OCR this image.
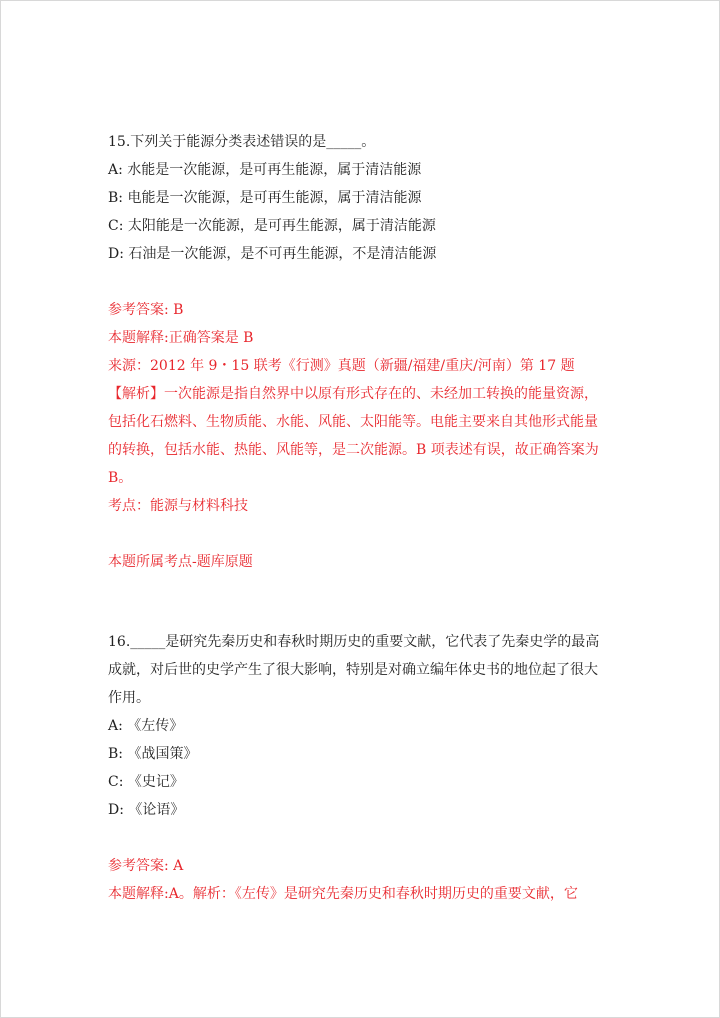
15.下列关于能源分类表述错误的是_____。
A: 水能是一次能源，是可再生能源，属于清洁能源
B: 电能是一次能源，是可再生能源，属于清洁能源
C: 太阳能是一次能源，是可再生能源，属于清洁能源
D: 石油是一次能源，是不可再生能源，不是清洁能源
参考答案: B
本题解释:正确答案是 B
来源：2012 年 9・15 联考《行测》真题（新疆/福建/重庆/河南）第 17 题
【解析】一次能源是指自然界中以原有形式存在的、未经加工转换的能量资源，包括化石燃料、生物质能、水能、风能、太阳能等。电能主要来自其他形式能量的转换，包括水能、热能、风能等，是二次能源。B 项表述有误，故正确答案为 B。
考点：能源与材料科技
本题所属考点-题库原题
16._____是研究先秦历史和春秋时期历史的重要文献，它代表了先秦史学的最高成就，对后世的史学产生了很大影响，特别是对确立编年体史书的地位起了很大作用。
A: 《左传》
B: 《战国策》
C: 《史记》
D: 《论语》
参考答案: A
本题解释:A。解析：《左传》是研究先秦历史和春秋时期历史的重要文献，它
